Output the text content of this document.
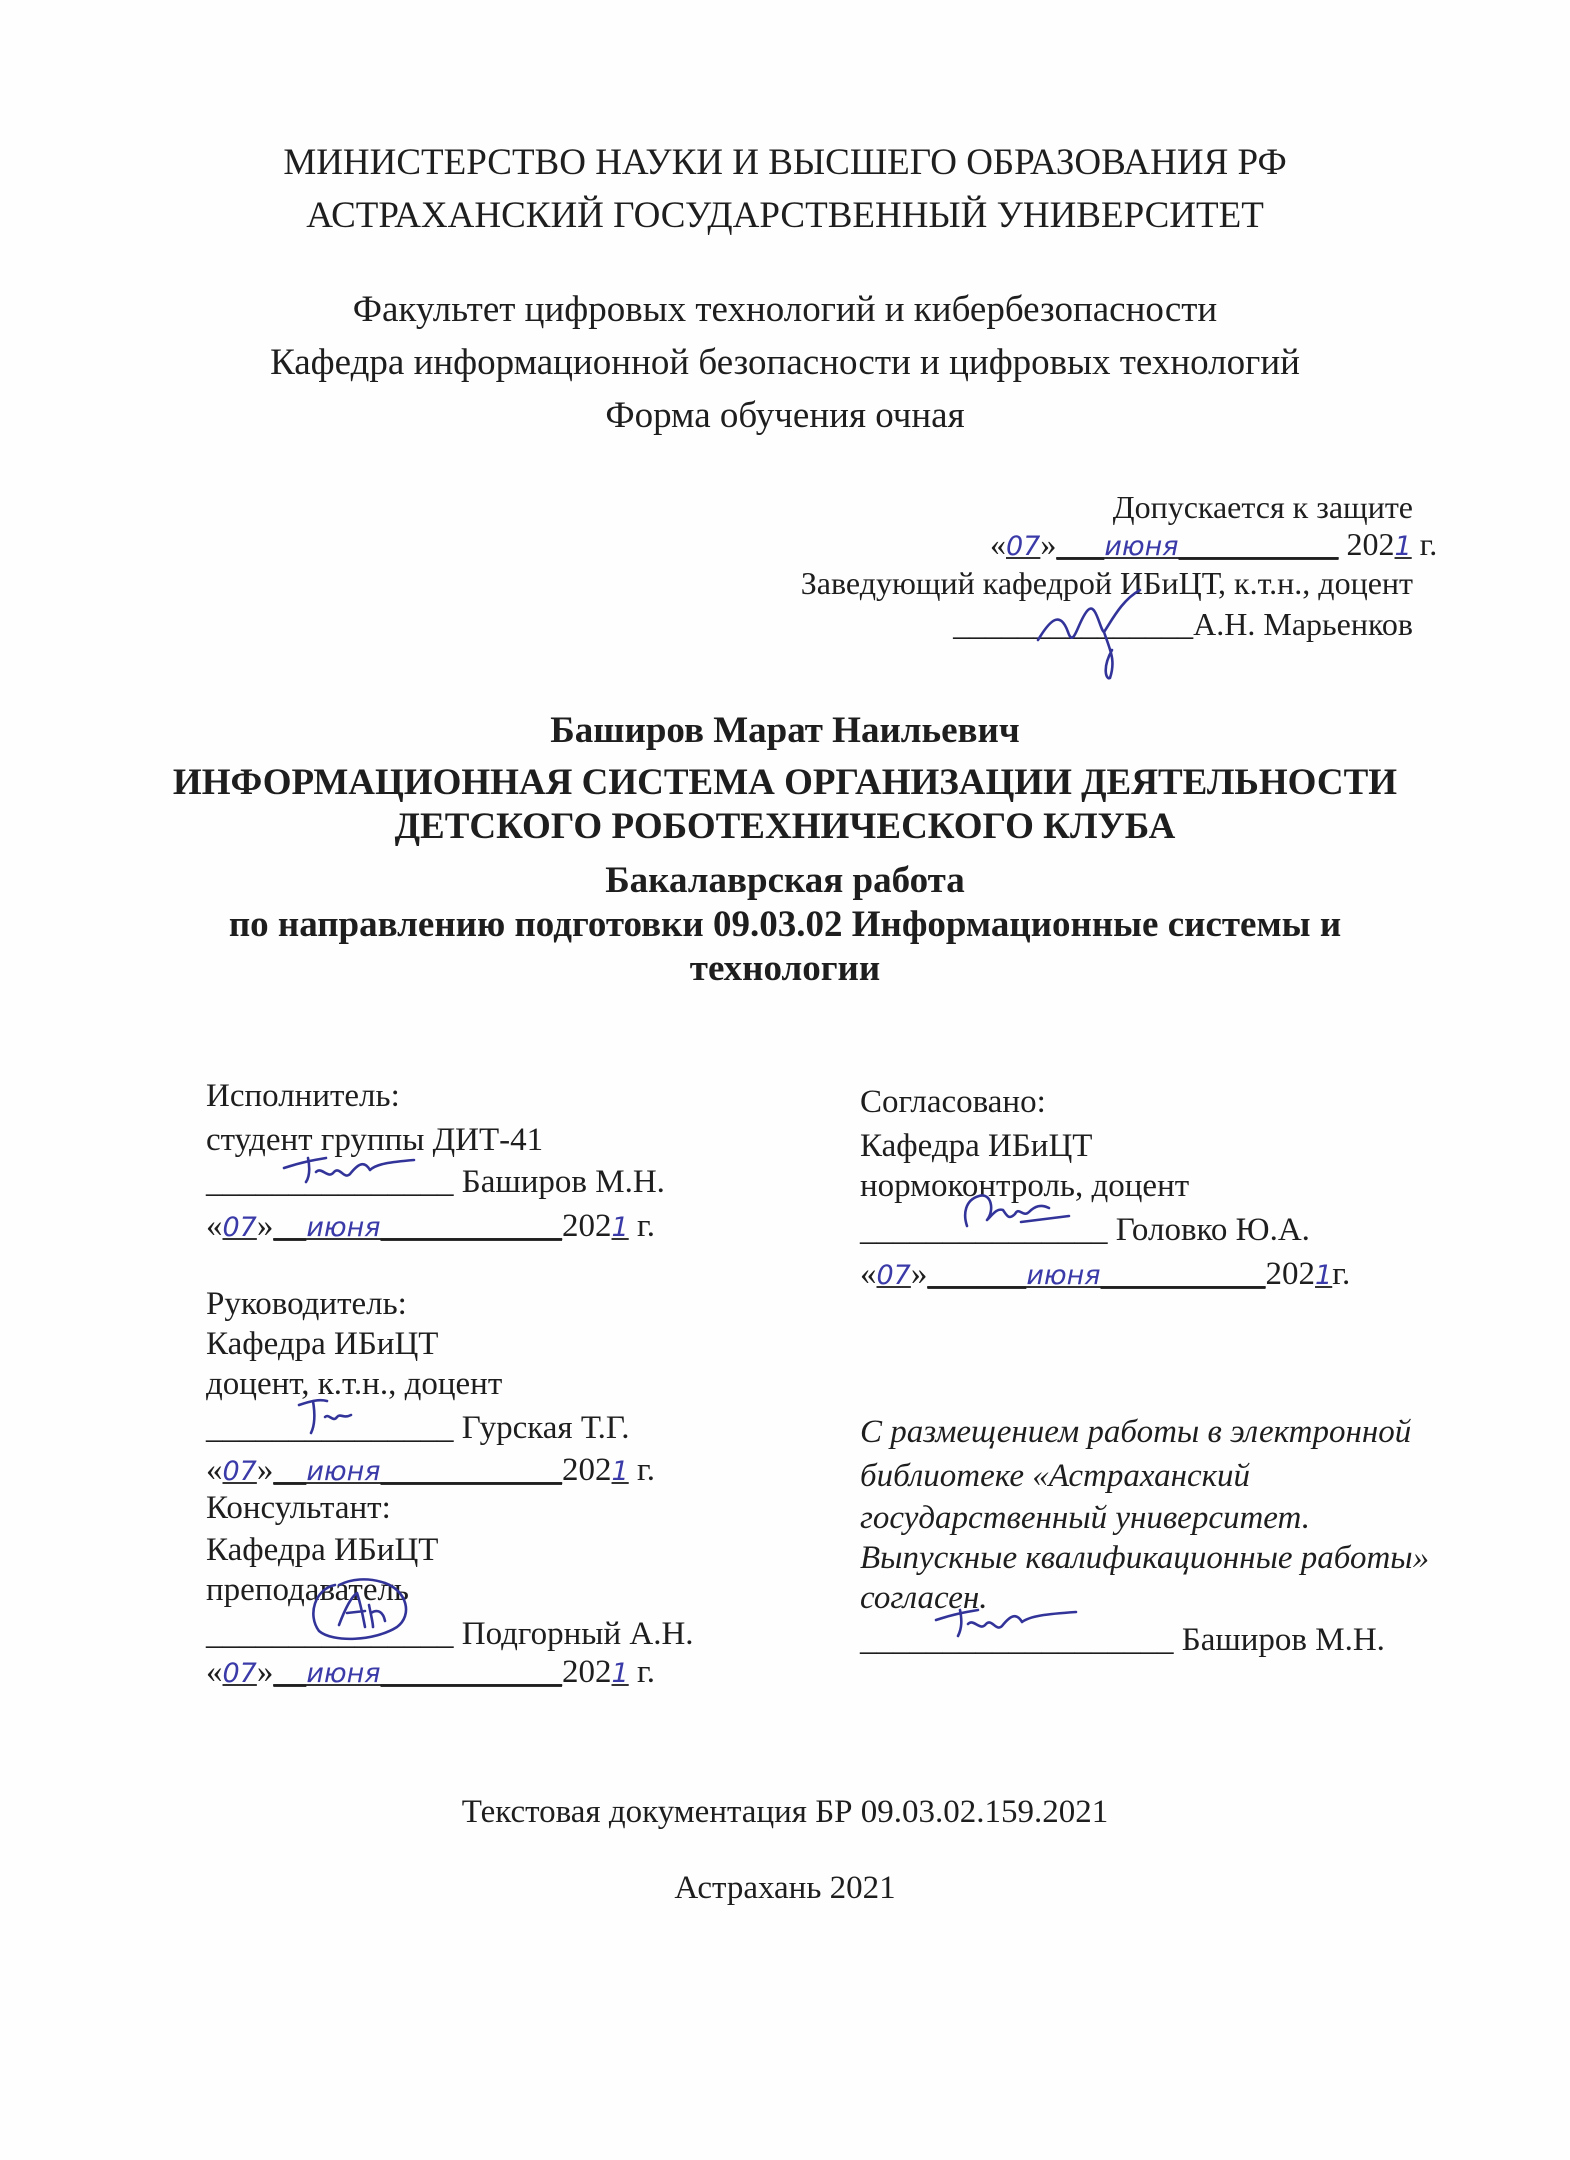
МИНИСТЕРСТВО НАУКИ И ВЫСШЕГО ОБРАЗОВАНИЯ РФ
АСТРАХАНСКИЙ ГОСУДАРСТВЕННЫЙ УНИВЕРСИТЕТ
Факультет цифровых технологий и кибербезопасности
Кафедра информационной безопасности и цифровых технологий
Форма обучения очная
Допускается к защите
«07»___июня__________ 2021 г.
Заведующий кафедрой ИБиЦТ, к.т.н., доцент
_______________А.Н. Марьенков
Баширов Марат Наильевич
ИНФОРМАЦИОННАЯ СИСТЕМА ОРГАНИЗАЦИИ ДЕЯТЕЛЬНОСТИ
ДЕТСКОГО РОБОТЕХНИЧЕСКОГО КЛУБА
Бакалаврская работа
по направлению подготовки 09.03.02 Информационные системы и
технологии
Исполнитель:
студент группы ДИТ-41
_______________ Баширов М.Н.
«07»__июня___________2021 г.
Руководитель:
Кафедра ИБиЦТ
доцент, к.т.н., доцент
_______________ Гурская Т.Г.
«07»__июня___________2021 г.
Консультант:
Кафедра ИБиЦТ
преподаватель
_______________ Подгорный А.Н.
«07»__июня___________2021 г.
Согласовано:
Кафедра ИБиЦТ
нормоконтроль, доцент
_______________ Головко Ю.А.
«07»______июня__________2021г.
С размещением работы в электронной
библиотеке «Астраханский
государственный университет.
Выпускные квалификационные работы»
согласен.
___________________ Баширов М.Н.
Текстовая документация БР 09.03.02.159.2021
Астрахань 2021
